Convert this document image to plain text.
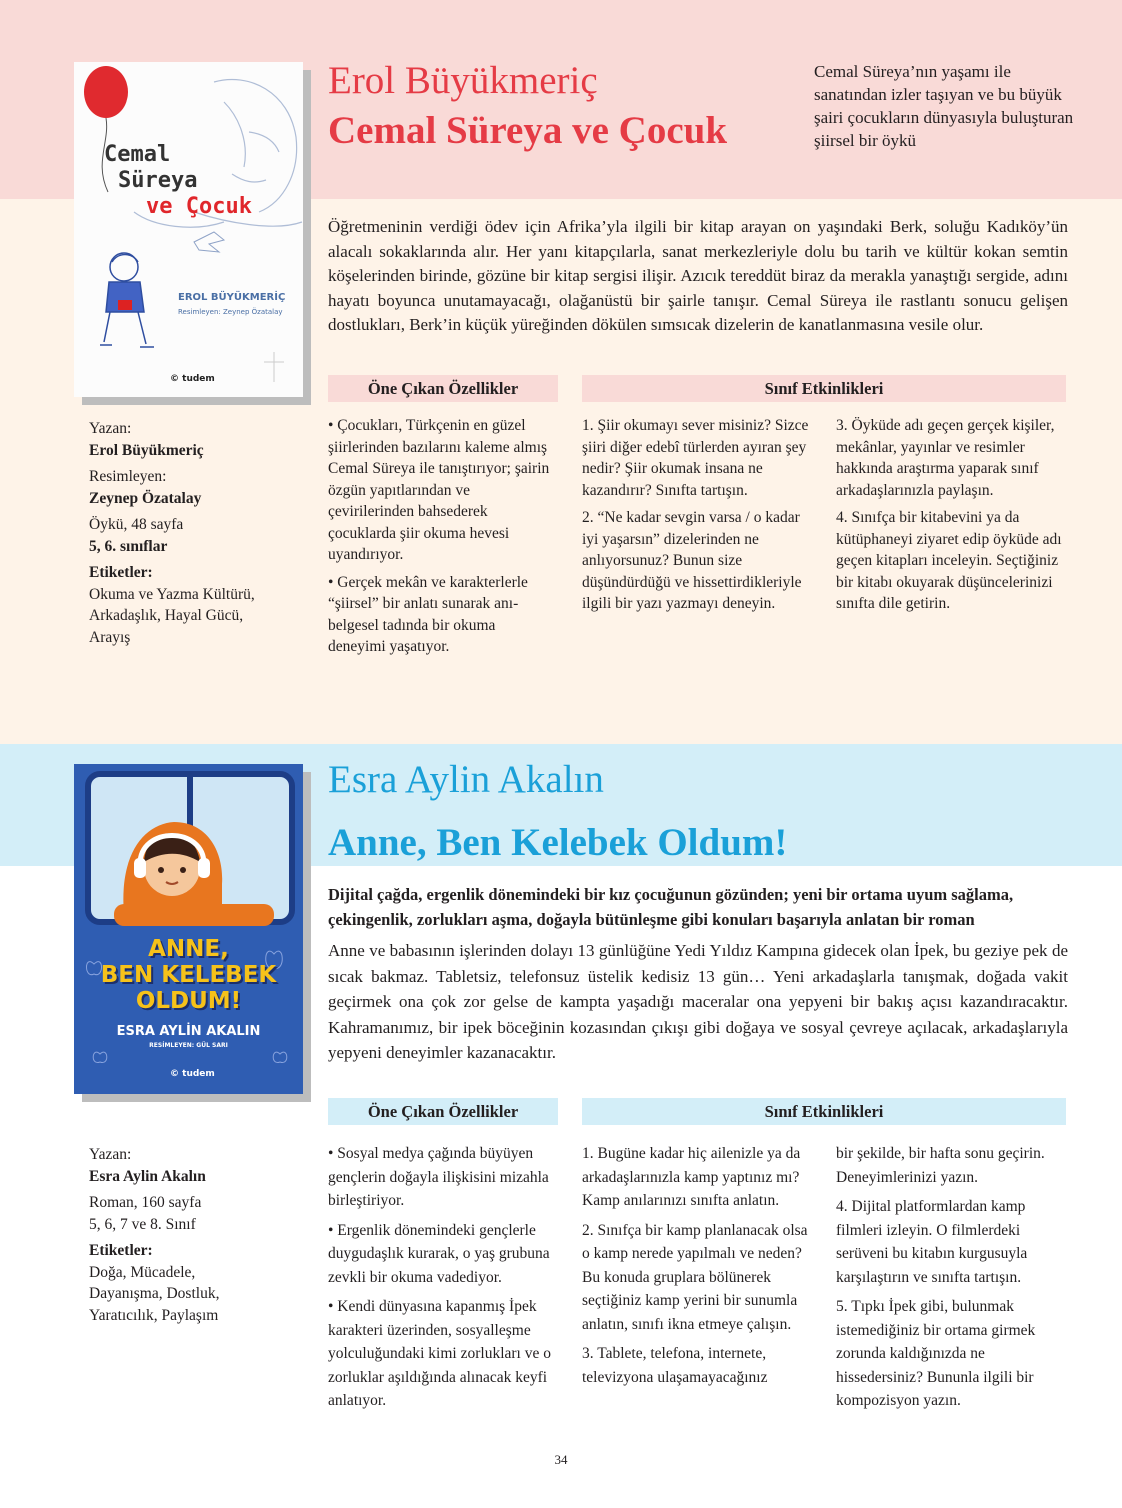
Cemal
Süreya
ve Çocuk
EROL BÜYÜKMERİÇ
Resimleyen: Zeynep Özatalay
© tudem
Erol Büyükmeriç
Cemal Süreya ve Çocuk
Cemal Süreya’nın yaşamı ile sanatından izler taşıyan ve bu büyük şairi çocukların dünyasıyla buluşturan şiirsel bir öykü
Öğretmeninin verdiği ödev için Afrika’yla ilgili bir kitap arayan on yaşındaki Berk, soluğu Kadıköy’ün alacalı sokaklarında alır. Her yanı kitapçılarla, sanat merkezleriyle dolu bu tarih ve kültür kokan semtin köşelerinden birinde, gözüne bir kitap sergisi ilişir. Azıcık tereddüt biraz da merakla yanaştığı sergide, adını hayatı boyunca unutamayacağı, olağanüstü bir şairle tanışır. Cemal Süreya ile rastlantı sonucu gelişen dostlukları, Berk’in küçük yüreğinden dökülen sımsıcak dizelerin de kanatlanmasına vesile olur.
Öne Çıkan Özellikler	Sınıf Etkinlikleri
Yazan:
Erol Büyükmeriç
Resimleyen:
Zeynep Özatalay
Öykü, 48 sayfa
5, 6. sınıflar
Etiketler:
Okuma ve Yazma Kültürü, Arkadaşlık, Hayal Gücü, Arayış

• Çocukları, Türkçenin en güzel şiirlerinden bazılarını kaleme almış Cemal Süreya ile tanıştırıyor; şairin özgün yapıtlarından ve çevirilerinden bahsederek çocuklarda şiir okuma hevesi uyandırıyor.

• Gerçek mekân ve karakterlerle “şiirsel” bir anlatı sunarak anı-belgesel tadında bir okuma deneyimi yaşatıyor.

1. Şiir okumayı sever misiniz? Sizce şiiri diğer edebî türlerden ayıran şey nedir? Şiir okumak insana ne kazandırır? Sınıfta tartışın.

2. “Ne kadar sevgin varsa / o kadar iyi yaşarsın” dizelerinden ne anlıyorsunuz? Bunun size düşündürdüğü ve hissettirdikleriyle ilgili bir yazı yazmayı deneyin.

3. Öyküde adı geçen gerçek kişiler, mekânlar, yayınlar ve resimler hakkında araştırma yaparak sınıf arkadaşlarınızla paylaşın.

4. Sınıfça bir kitabevini ya da kütüphaneyi ziyaret edip öyküde adı geçen kitapları inceleyin. Seçtiğiniz bir kitabı okuyarak düşüncelerinizi sınıfta dile getirin.

ANNE,
BEN KELEBEK
OLDUM!
ESRA AYLİN AKALIN
RESİMLEYEN: GÜL SARI
© tudem
Esra Aylin Akalın
Anne, Ben Kelebek Oldum!
Dijital çağda, ergenlik dönemindeki bir kız çocuğunun gözünden; yeni bir ortama uyum sağlama, çekingenlik, zorlukları aşma, doğayla bütünleşme gibi konuları başarıyla anlatan bir roman
Anne ve babasının işlerinden dolayı 13 günlüğüne Yedi Yıldız Kampına gidecek olan İpek, bu geziye pek de sıcak bakmaz. Tabletsiz, telefonsuz üstelik kedisiz 13 gün… Yeni arkadaşlarla tanışmak, doğada vakit geçirmek ona çok zor gelse de kampta yaşadığı maceralar ona yepyeni bir bakış açısı kazandıracaktır. Kahramanımız, bir ipek böceğinin kozasından çıkışı gibi doğaya ve sosyal çevreye açılacak, arkadaşlarıyla yepyeni deneyimler kazanacaktır.
Öne Çıkan Özellikler	Sınıf Etkinlikleri
Yazan:
Esra Aylin Akalın
Roman, 160 sayfa
5, 6, 7 ve 8. Sınıf
Etiketler:
Doğa, Mücadele, Dayanışma, Dostluk, Yaratıcılık, Paylaşım

• Sosyal medya çağında büyüyen gençlerin doğayla ilişkisini mizahla birleştiriyor.

• Ergenlik dönemindeki gençlerle duygudaşlık kurarak, o yaş grubuna zevkli bir okuma vadediyor.

• Kendi dünyasına kapanmış İpek karakteri üzerinden, sosyalleşme yolculuğundaki kimi zorlukları ve o zorluklar aşıldığında alınacak keyfi anlatıyor.

1. Bugüne kadar hiç ailenizle ya da arkadaşlarınızla kamp yaptınız mı? Kamp anılarınızı sınıfta anlatın.

2. Sınıfça bir kamp planlanacak olsa o kamp nerede yapılmalı ve neden? Bu konuda gruplara bölünerek seçtiğiniz kamp yerini bir sunumla anlatın, sınıfı ikna etmeye çalışın.

3. Tablete, telefona, internete, televizyona ulaşamayacağınız

bir şekilde, bir hafta sonu geçirin. Deneyimlerinizi yazın.

4. Dijital platformlardan kamp filmleri izleyin. O filmlerdeki serüveni bu kitabın kurgusuyla karşılaştırın ve sınıfta tartışın.

5. Tıpkı İpek gibi, bulunmak istemediğiniz bir ortama girmek zorunda kaldığınızda ne hissedersiniz? Bununla ilgili bir kompozisyon yazın.

34
